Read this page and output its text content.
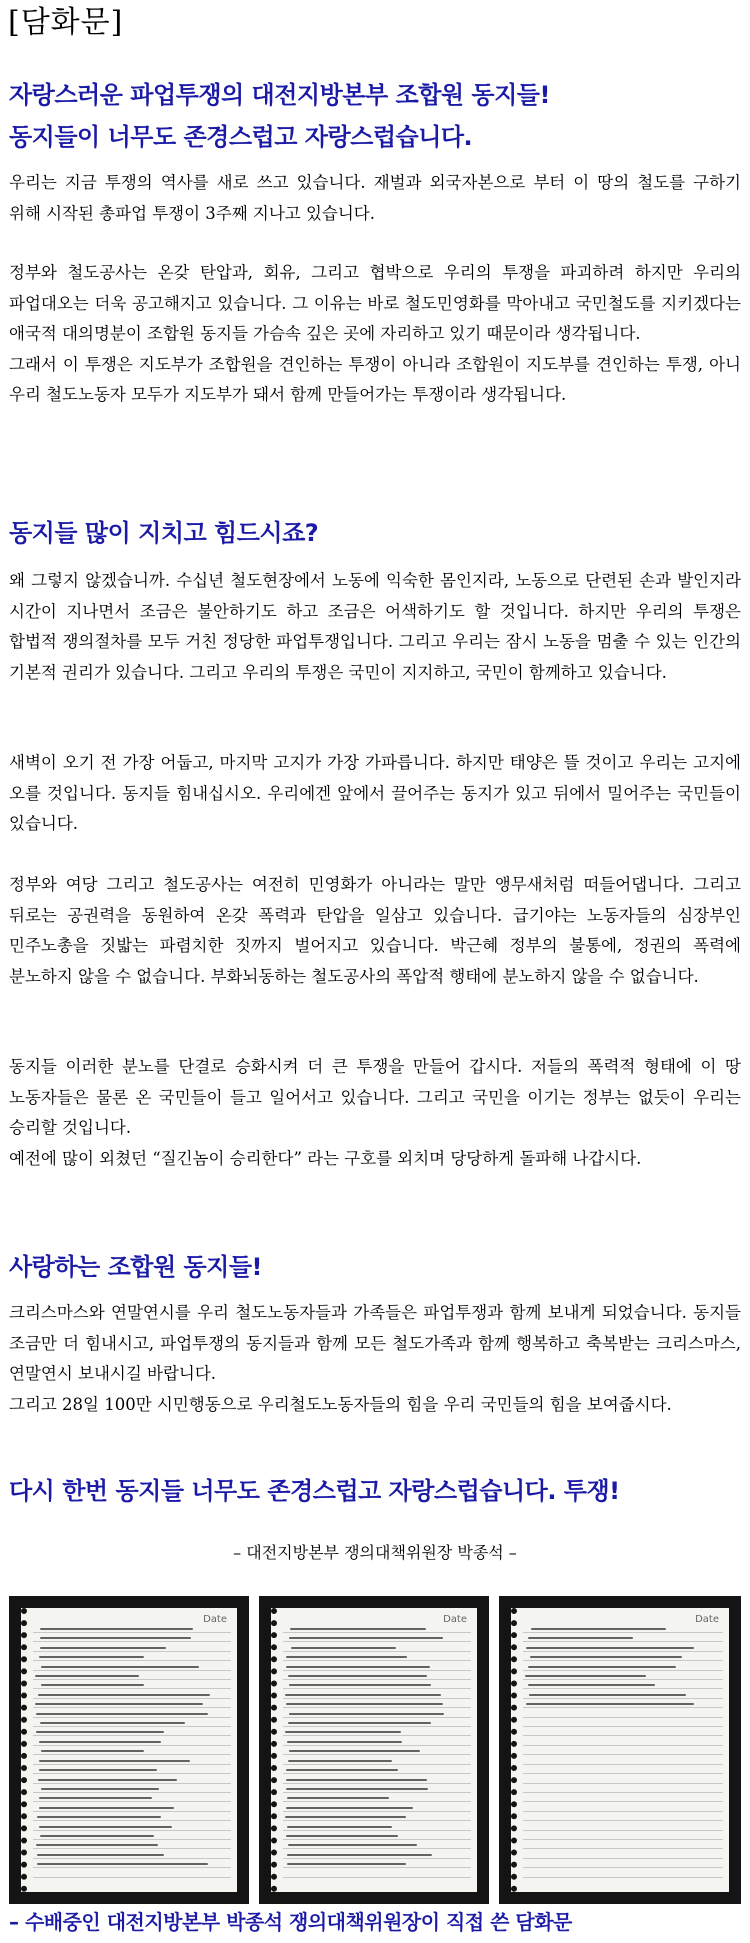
[담화문]
자랑스러운 파업투쟁의 대전지방본부 조합원 동지들!
동지들이 너무도 존경스럽고 자랑스럽습니다.

우리는 지금 투쟁의 역사를 새로 쓰고 있습니다. 재벌과 외국자본으로 부터 이 땅의 철도를 구하기 위해 시작된 총파업 투쟁이 3주째 지나고 있습니다.

정부와 철도공사는 온갖 탄압과, 회유, 그리고 협박으로 우리의 투쟁을 파괴하려 하지만 우리의 파업대오는 더욱 공고해지고 있습니다. 그 이유는 바로 철도민영화를 막아내고 국민철도를 지키겠다는 애국적 대의명분이 조합원 동지들 가슴속 깊은 곳에 자리하고 있기 때문이라 생각됩니다.

그래서 이 투쟁은 지도부가 조합원을 견인하는 투쟁이 아니라 조합원이 지도부를 견인하는 투쟁, 아니 우리 철도노동자 모두가 지도부가 돼서 함께 만들어가는 투쟁이라 생각됩니다.

동지들 많이 지치고 힘드시죠?

왜 그렇지 않겠습니까. 수십년 철도현장에서 노동에 익숙한 몸인지라, 노동으로 단련된 손과 발인지라 시간이 지나면서 조금은 불안하기도 하고 조금은 어색하기도 할 것입니다. 하지만 우리의 투쟁은 합법적 쟁의절차를 모두 거친 정당한 파업투쟁입니다. 그리고 우리는 잠시 노동을 멈출 수 있는 인간의 기본적 권리가 있습니다. 그리고 우리의 투쟁은 국민이 지지하고, 국민이 함께하고 있습니다.

새벽이 오기 전 가장 어둡고, 마지막 고지가 가장 가파릅니다. 하지만 태양은 뜰 것이고 우리는 고지에 오를 것입니다. 동지들 힘내십시오. 우리에겐 앞에서 끌어주는 동지가 있고 뒤에서 밀어주는 국민들이 있습니다.

정부와 여당 그리고 철도공사는 여전히 민영화가 아니라는 말만 앵무새처럼 떠들어댑니다. 그리고 뒤로는 공권력을 동원하여 온갖 폭력과 탄압을 일삼고 있습니다. 급기야는 노동자들의 심장부인 민주노총을 짓밟는 파렴치한 짓까지 벌어지고 있습니다. 박근혜 정부의 불통에, 정권의 폭력에 분노하지 않을 수 없습니다. 부화뇌동하는 철도공사의 폭압적 행태에 분노하지 않을 수 없습니다.

동지들 이러한 분노를 단결로 승화시켜 더 큰 투쟁을 만들어 갑시다. 저들의 폭력적 형태에 이 땅 노동자들은 물론 온 국민들이 들고 일어서고 있습니다. 그리고 국민을 이기는 정부는 없듯이 우리는 승리할 것입니다.

예전에 많이 외쳤던 “질긴놈이 승리한다” 라는 구호를 외치며 당당하게 돌파해 나갑시다.

사랑하는 조합원 동지들!

크리스마스와 연말연시를 우리 철도노동자들과 가족들은 파업투쟁과 함께 보내게 되었습니다. 동지들 조금만 더 힘내시고, 파업투쟁의 동지들과 함께 모든 철도가족과 함께 행복하고 축복받는 크리스마스, 연말연시 보내시길 바랍니다.

그리고 28일 100만 시민행동으로 우리철도노동자들의 힘을 우리 국민들의 힘을 보여줍시다.

다시 한번 동지들 너무도 존경스럽고 자랑스럽습니다. 투쟁!
– 대전지방본부 쟁의대책위원장 박종석 –
Date	Date	Date
– 수배중인 대전지방본부 박종석 쟁의대책위원장이 직접 쓴 담화문
